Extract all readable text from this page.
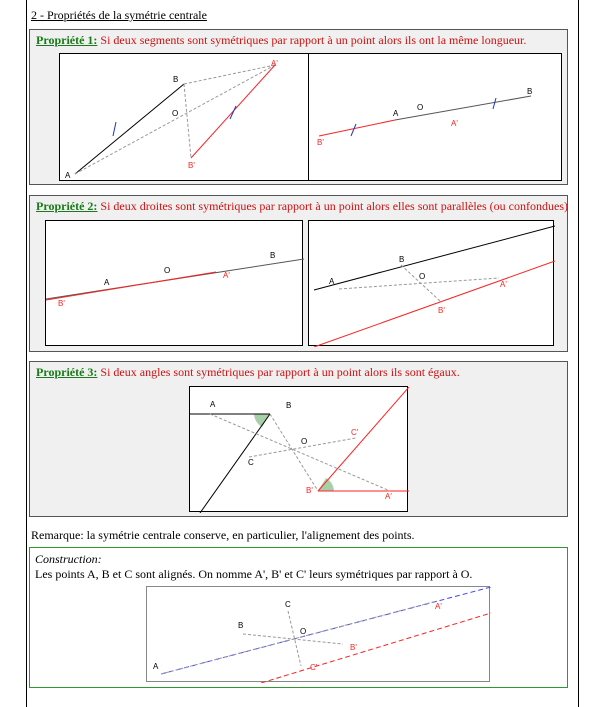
2 - Propriétés de la symétrie centrale
Propriété 1: Si deux segments sont symétriques par rapport à un point alors ils ont la même longueur.
A
B
O
A'
B'
B'
A
O
A'
B
Propriété 2: Si deux droites sont symétriques par rapport à un point alors elles sont parallèles (ou confondues)
B'
A
O
A'
B
A
B
O
A'
B'
Propriété 3: Si deux angles sont symétriques par rapport à un point alors ils sont égaux.
A	B
O
C
C'
B'
A'
Remarque: la symétrie centrale conserve, en particulier, l'alignement des points.
Construction:
Les points A, B et C sont alignés. On nomme A', B' et C' leurs symétriques par rapport à O.
A
B
C
O
A'
B'
C'
